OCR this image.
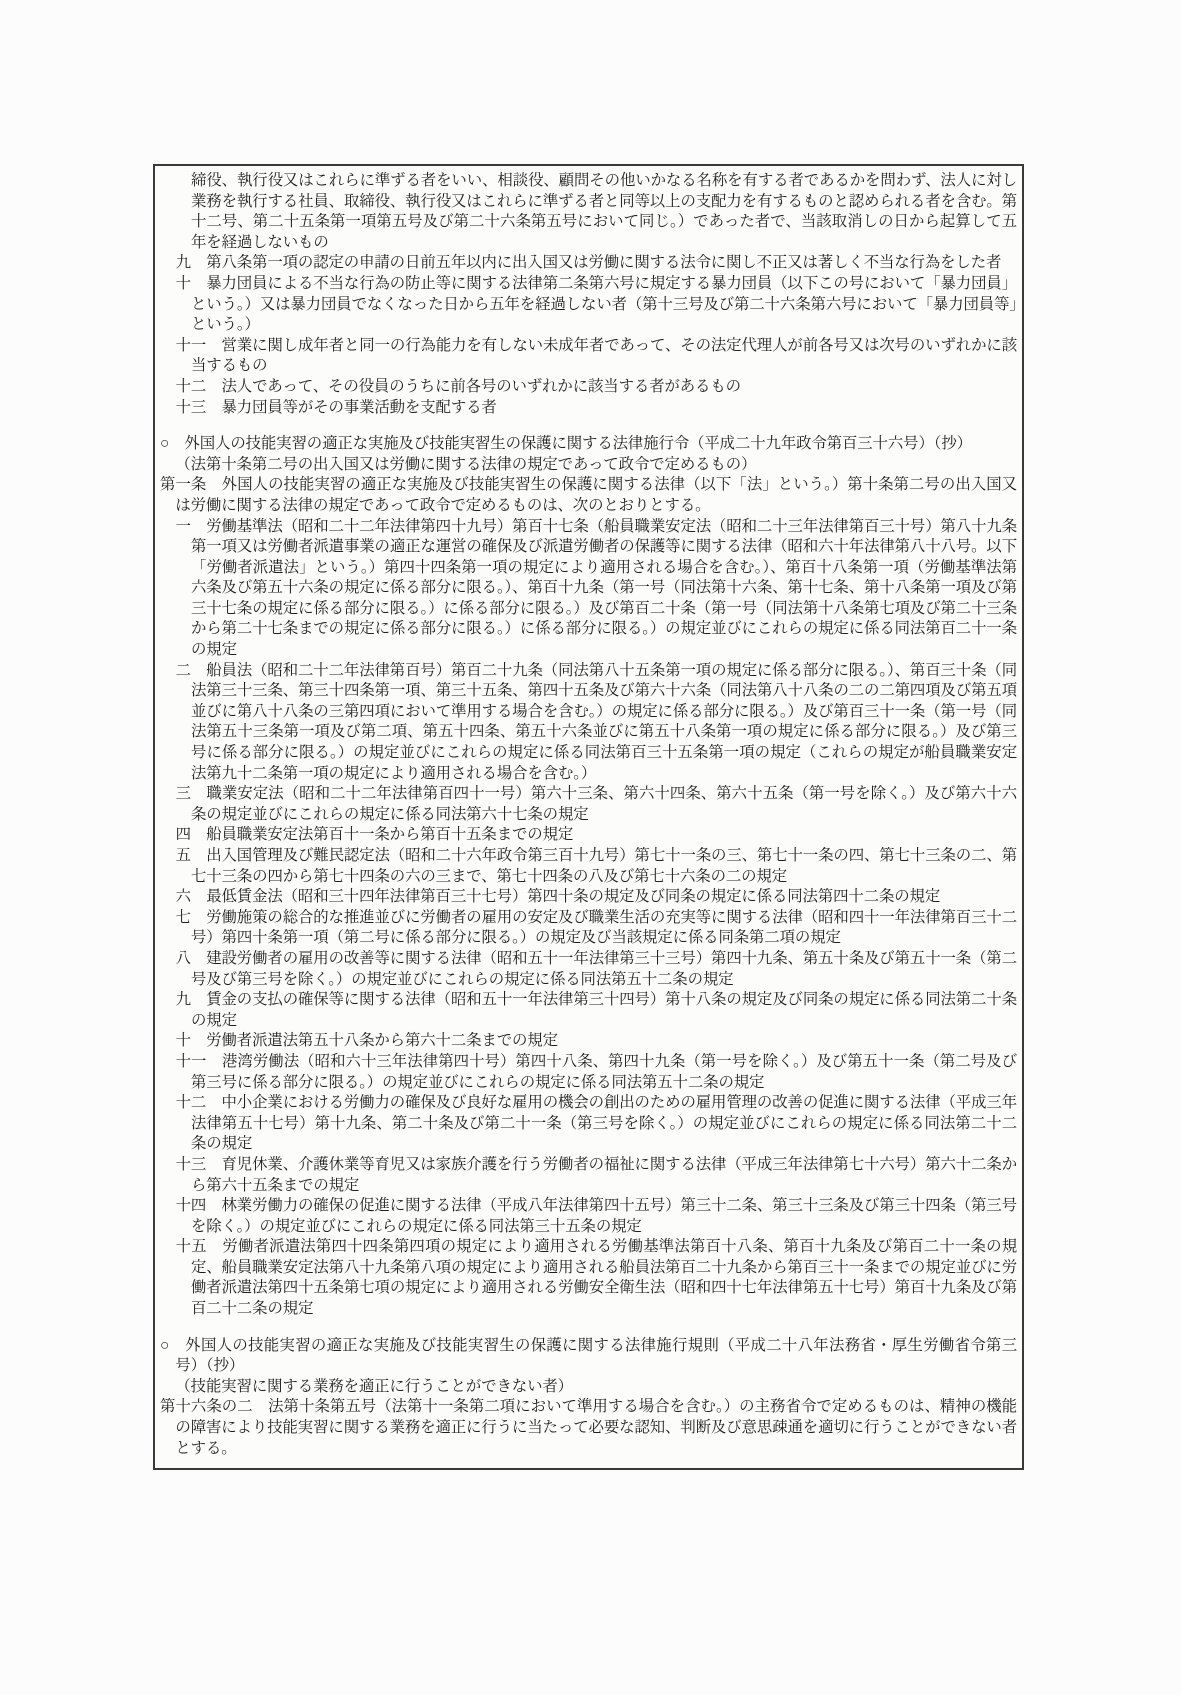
締役、執行役又はこれらに準ずる者をいい、相談役、顧問その他いかなる名称を有する者であるかを問わず、法人に対し業務を執行する社員、取締役、執行役又はこれらに準ずる者と同等以上の支配力を有するものと認められる者を含む。第十二号、第二十五条第一項第五号及び第二十六条第五号において同じ。）であった者で、当該取消しの日から起算して五年を経過しないもの

九　第八条第一項の認定の申請の日前五年以内に出入国又は労働に関する法令に関し不正又は著しく不当な行為をした者

十　暴力団員による不当な行為の防止等に関する法律第二条第六号に規定する暴力団員（以下この号において「暴力団員」という。）又は暴力団員でなくなった日から五年を経過しない者（第十三号及び第二十六条第六号において「暴力団員等」という。）

十一　営業に関し成年者と同一の行為能力を有しない未成年者であって、その法定代理人が前各号又は次号のいずれかに該当するもの

十二　法人であって、その役員のうちに前各号のいずれかに該当する者があるもの

十三　暴力団員等がその事業活動を支配する者

○　外国人の技能実習の適正な実施及び技能実習生の保護に関する法律施行令（平成二十九年政令第百三十六号）（抄）

（法第十条第二号の出入国又は労働に関する法律の規定であって政令で定めるもの）

第一条　外国人の技能実習の適正な実施及び技能実習生の保護に関する法律（以下「法」という。）第十条第二号の出入国又は労働に関する法律の規定であって政令で定めるものは、次のとおりとする。

一　労働基準法（昭和二十二年法律第四十九号）第百十七条（船員職業安定法（昭和二十三年法律第百三十号）第八十九条第一項又は労働者派遣事業の適正な運営の確保及び派遣労働者の保護等に関する法律（昭和六十年法律第八十八号。以下「労働者派遣法」という。）第四十四条第一項の規定により適用される場合を含む。）、第百十八条第一項（労働基準法第六条及び第五十六条の規定に係る部分に限る。）、第百十九条（第一号（同法第十六条、第十七条、第十八条第一項及び第三十七条の規定に係る部分に限る。）に係る部分に限る。）及び第百二十条（第一号（同法第十八条第七項及び第二十三条から第二十七条までの規定に係る部分に限る。）に係る部分に限る。）の規定並びにこれらの規定に係る同法第百二十一条の規定

二　船員法（昭和二十二年法律第百号）第百二十九条（同法第八十五条第一項の規定に係る部分に限る。）、第百三十条（同法第三十三条、第三十四条第一項、第三十五条、第四十五条及び第六十六条（同法第八十八条の二の二第四項及び第五項並びに第八十八条の三第四項において準用する場合を含む。）の規定に係る部分に限る。）及び第百三十一条（第一号（同法第五十三条第一項及び第二項、第五十四条、第五十六条並びに第五十八条第一項の規定に係る部分に限る。）及び第三号に係る部分に限る。）の規定並びにこれらの規定に係る同法第百三十五条第一項の規定（これらの規定が船員職業安定法第九十二条第一項の規定により適用される場合を含む。）

三　職業安定法（昭和二十二年法律第百四十一号）第六十三条、第六十四条、第六十五条（第一号を除く。）及び第六十六条の規定並びにこれらの規定に係る同法第六十七条の規定

四　船員職業安定法第百十一条から第百十五条までの規定

五　出入国管理及び難民認定法（昭和二十六年政令第三百十九号）第七十一条の三、第七十一条の四、第七十三条の二、第七十三条の四から第七十四条の六の三まで、第七十四条の八及び第七十六条の二の規定

六　最低賃金法（昭和三十四年法律第百三十七号）第四十条の規定及び同条の規定に係る同法第四十二条の規定

七　労働施策の総合的な推進並びに労働者の雇用の安定及び職業生活の充実等に関する法律（昭和四十一年法律第百三十二号）第四十条第一項（第二号に係る部分に限る。）の規定及び当該規定に係る同条第二項の規定

八　建設労働者の雇用の改善等に関する法律（昭和五十一年法律第三十三号）第四十九条、第五十条及び第五十一条（第二号及び第三号を除く。）の規定並びにこれらの規定に係る同法第五十二条の規定

九　賃金の支払の確保等に関する法律（昭和五十一年法律第三十四号）第十八条の規定及び同条の規定に係る同法第二十条の規定

十　労働者派遣法第五十八条から第六十二条までの規定

十一　港湾労働法（昭和六十三年法律第四十号）第四十八条、第四十九条（第一号を除く。）及び第五十一条（第二号及び第三号に係る部分に限る。）の規定並びにこれらの規定に係る同法第五十二条の規定

十二　中小企業における労働力の確保及び良好な雇用の機会の創出のための雇用管理の改善の促進に関する法律（平成三年法律第五十七号）第十九条、第二十条及び第二十一条（第三号を除く。）の規定並びにこれらの規定に係る同法第二十二条の規定

十三　育児休業、介護休業等育児又は家族介護を行う労働者の福祉に関する法律（平成三年法律第七十六号）第六十二条から第六十五条までの規定

十四　林業労働力の確保の促進に関する法律（平成八年法律第四十五号）第三十二条、第三十三条及び第三十四条（第三号を除く。）の規定並びにこれらの規定に係る同法第三十五条の規定

十五　労働者派遣法第四十四条第四項の規定により適用される労働基準法第百十八条、第百十九条及び第百二十一条の規定、船員職業安定法第八十九条第八項の規定により適用される船員法第百二十九条から第百三十一条までの規定並びに労働者派遣法第四十五条第七項の規定により適用される労働安全衛生法（昭和四十七年法律第五十七号）第百十九条及び第百二十二条の規定

○　外国人の技能実習の適正な実施及び技能実習生の保護に関する法律施行規則（平成二十八年法務省・厚生労働省令第三号）（抄）

（技能実習に関する業務を適正に行うことができない者）

第十六条の二　法第十条第五号（法第十一条第二項において準用する場合を含む。）の主務省令で定めるものは、精神の機能の障害により技能実習に関する業務を適正に行うに当たって必要な認知、判断及び意思疎通を適切に行うことができない者とする。
